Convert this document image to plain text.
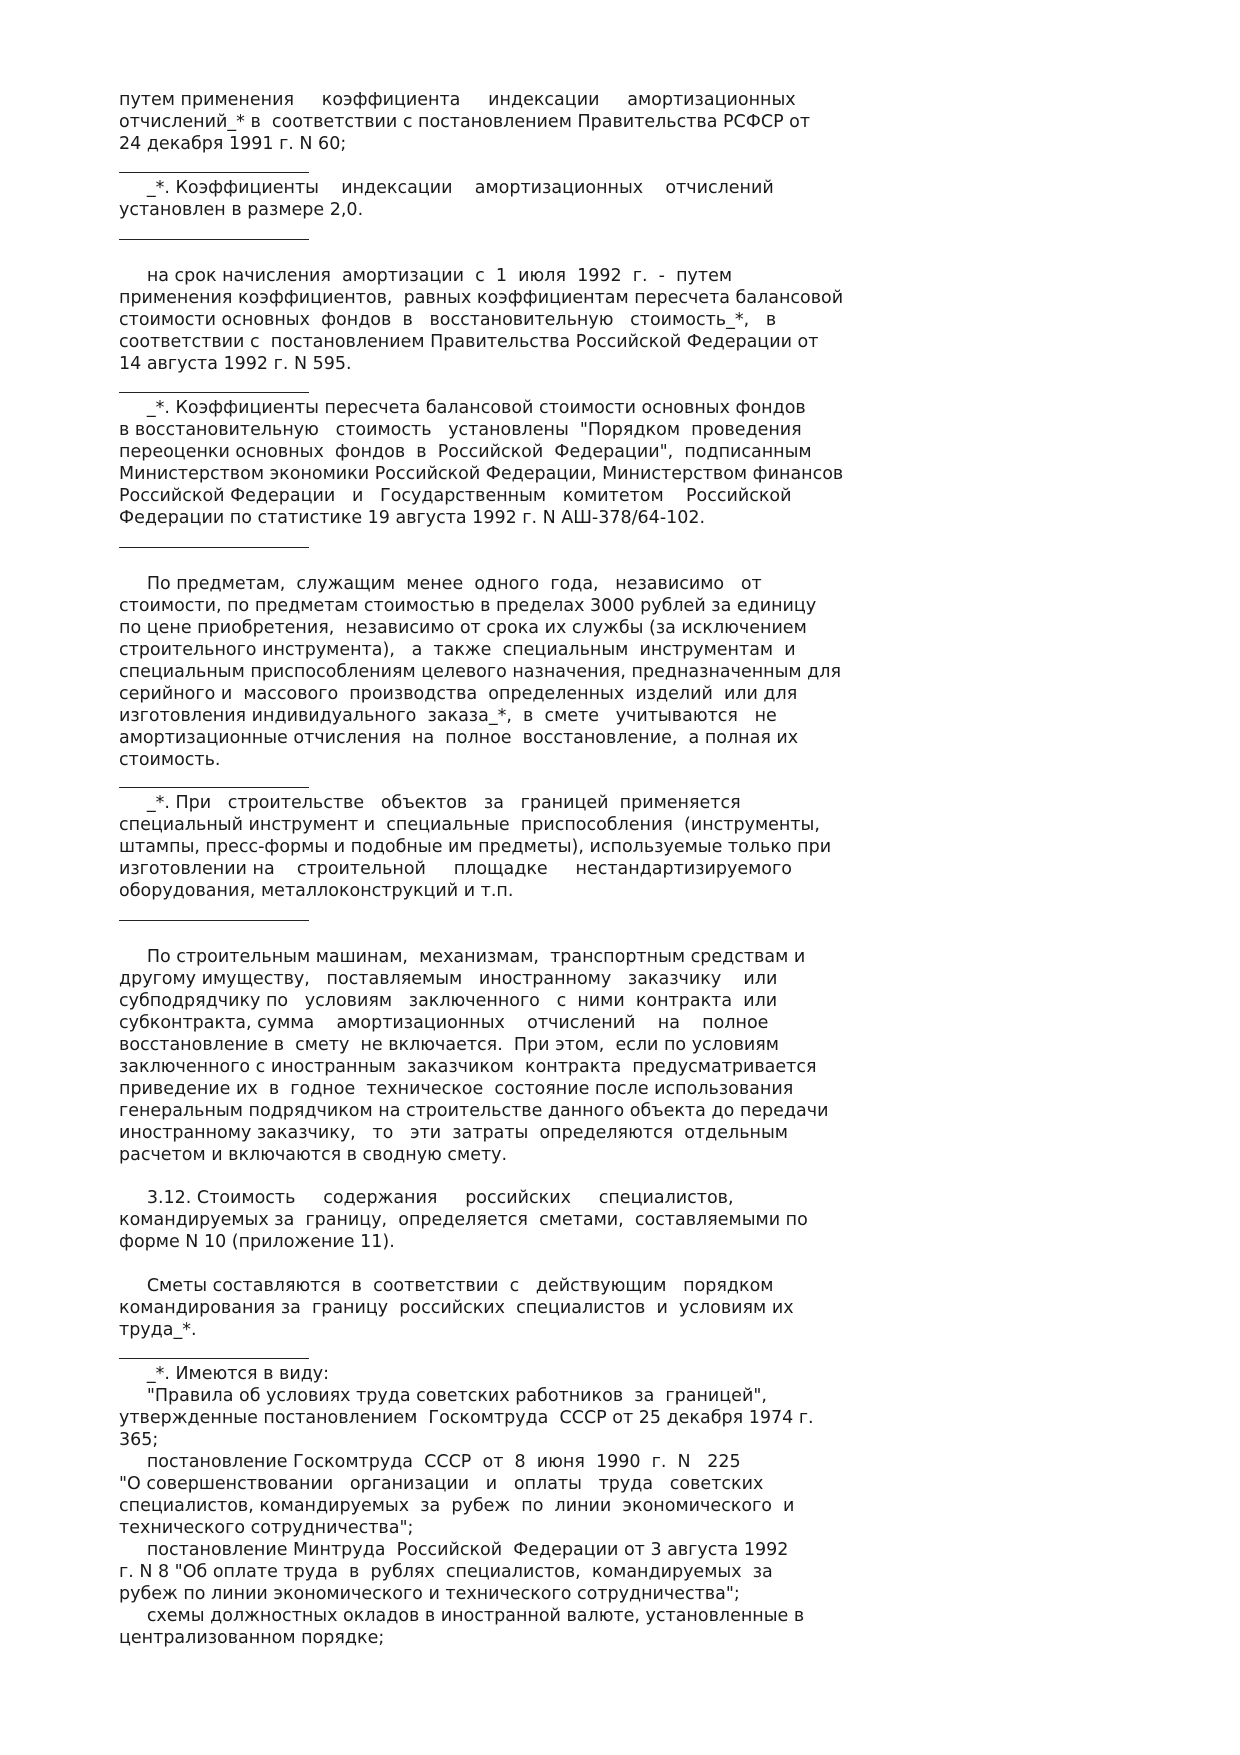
путем применения     коэффициента     индексации     амортизационных
отчислений_* в  соответствии с постановлением Правительства РСФСР от
24 декабря 1991 г. N 60;

_*. Коэффициенты    индексации    амортизационных    отчислений
установлен в размере 2,0.

на срок начисления  амортизации  с  1  июля  1992  г.  -  путем
применения коэффициентов,  равных коэффициентам пересчета балансовой
стоимости основных  фондов  в   восстановительную   стоимость_*,   в
соответствии с  постановлением Правительства Российской Федерации от
14 августа 1992 г. N 595.

_*. Коэффициенты пересчета балансовой стоимости основных фондов
в восстановительную   стоимость   установлены  "Порядком  проведения
переоценки основных  фондов  в  Российской  Федерации",  подписанным
Министерством экономики Российской Федерации, Министерством финансов
Российской Федерации   и   Государственным   комитетом    Российской
Федерации по статистике 19 августа 1992 г. N АШ-378/64-102.

По предметам,  служащим  менее  одного  года,   независимо   от
стоимости, по предметам стоимостью в пределах 3000 рублей за единицу
по цене приобретения,  независимо от срока их службы (за исключением
строительного инструмента),   а  также  специальным  инструментам  и
специальным приспособлениям целевого назначения, предназначенным для
серийного и  массового  производства  определенных  изделий  или для
изготовления индивидуального  заказа_*,  в  смете   учитываются   не
амортизационные отчисления  на  полное  восстановление,  а полная их
стоимость.

_*. При   строительстве   объектов   за   границей  применяется
специальный инструмент и  специальные  приспособления  (инструменты,
штампы, пресс-формы и подобные им предметы), используемые только при
изготовлении на    строительной     площадке     нестандартизируемого
оборудования, металлоконструкций и т.п.

По строительным машинам,  механизмам,  транспортным средствам и
другому имуществу,   поставляемым   иностранному   заказчику    или
субподрядчику по   условиям   заключенного   с  ними  контракта  или
субконтракта, сумма    амортизационных    отчислений    на    полное
восстановление в  смету  не включается.  При этом,  если по условиям
заключенного с иностранным  заказчиком  контракта  предусматривается
приведение их  в  годное  техническое  состояние после использования
генеральным подрядчиком на строительстве данного объекта до передачи
иностранному заказчику,   то   эти  затраты  определяются  отдельным
расчетом и включаются в сводную смету.

3.12. Стоимость     содержания     российских     специалистов,
командируемых за  границу,  определяется  сметами,  составляемыми по
форме N 10 (приложение 11).

Сметы составляются  в  соответствии  с   действующим   порядком
командирования за  границу  российских  специалистов  и  условиям их
труда_*.

_*. Имеются в виду:
"Правила об условиях труда советских работников  за  границей",
утвержденные постановлением  Госкомтруда  СССР от 25 декабря 1974 г.
365;
постановление Госкомтруда  СССР  от  8  июня  1990  г.  N   225
"О совершенствовании   организации   и   оплаты   труда   советских
специалистов, командируемых  за  рубеж  по  линии  экономического  и
технического сотрудничества";
постановление Минтруда  Российской  Федерации от 3 августа 1992
г. N 8 "Об оплате труда  в  рублях  специалистов,  командируемых  за
рубеж по линии экономического и технического сотрудничества";
схемы должностных окладов в иностранной валюте, установленные в
централизованном порядке;
